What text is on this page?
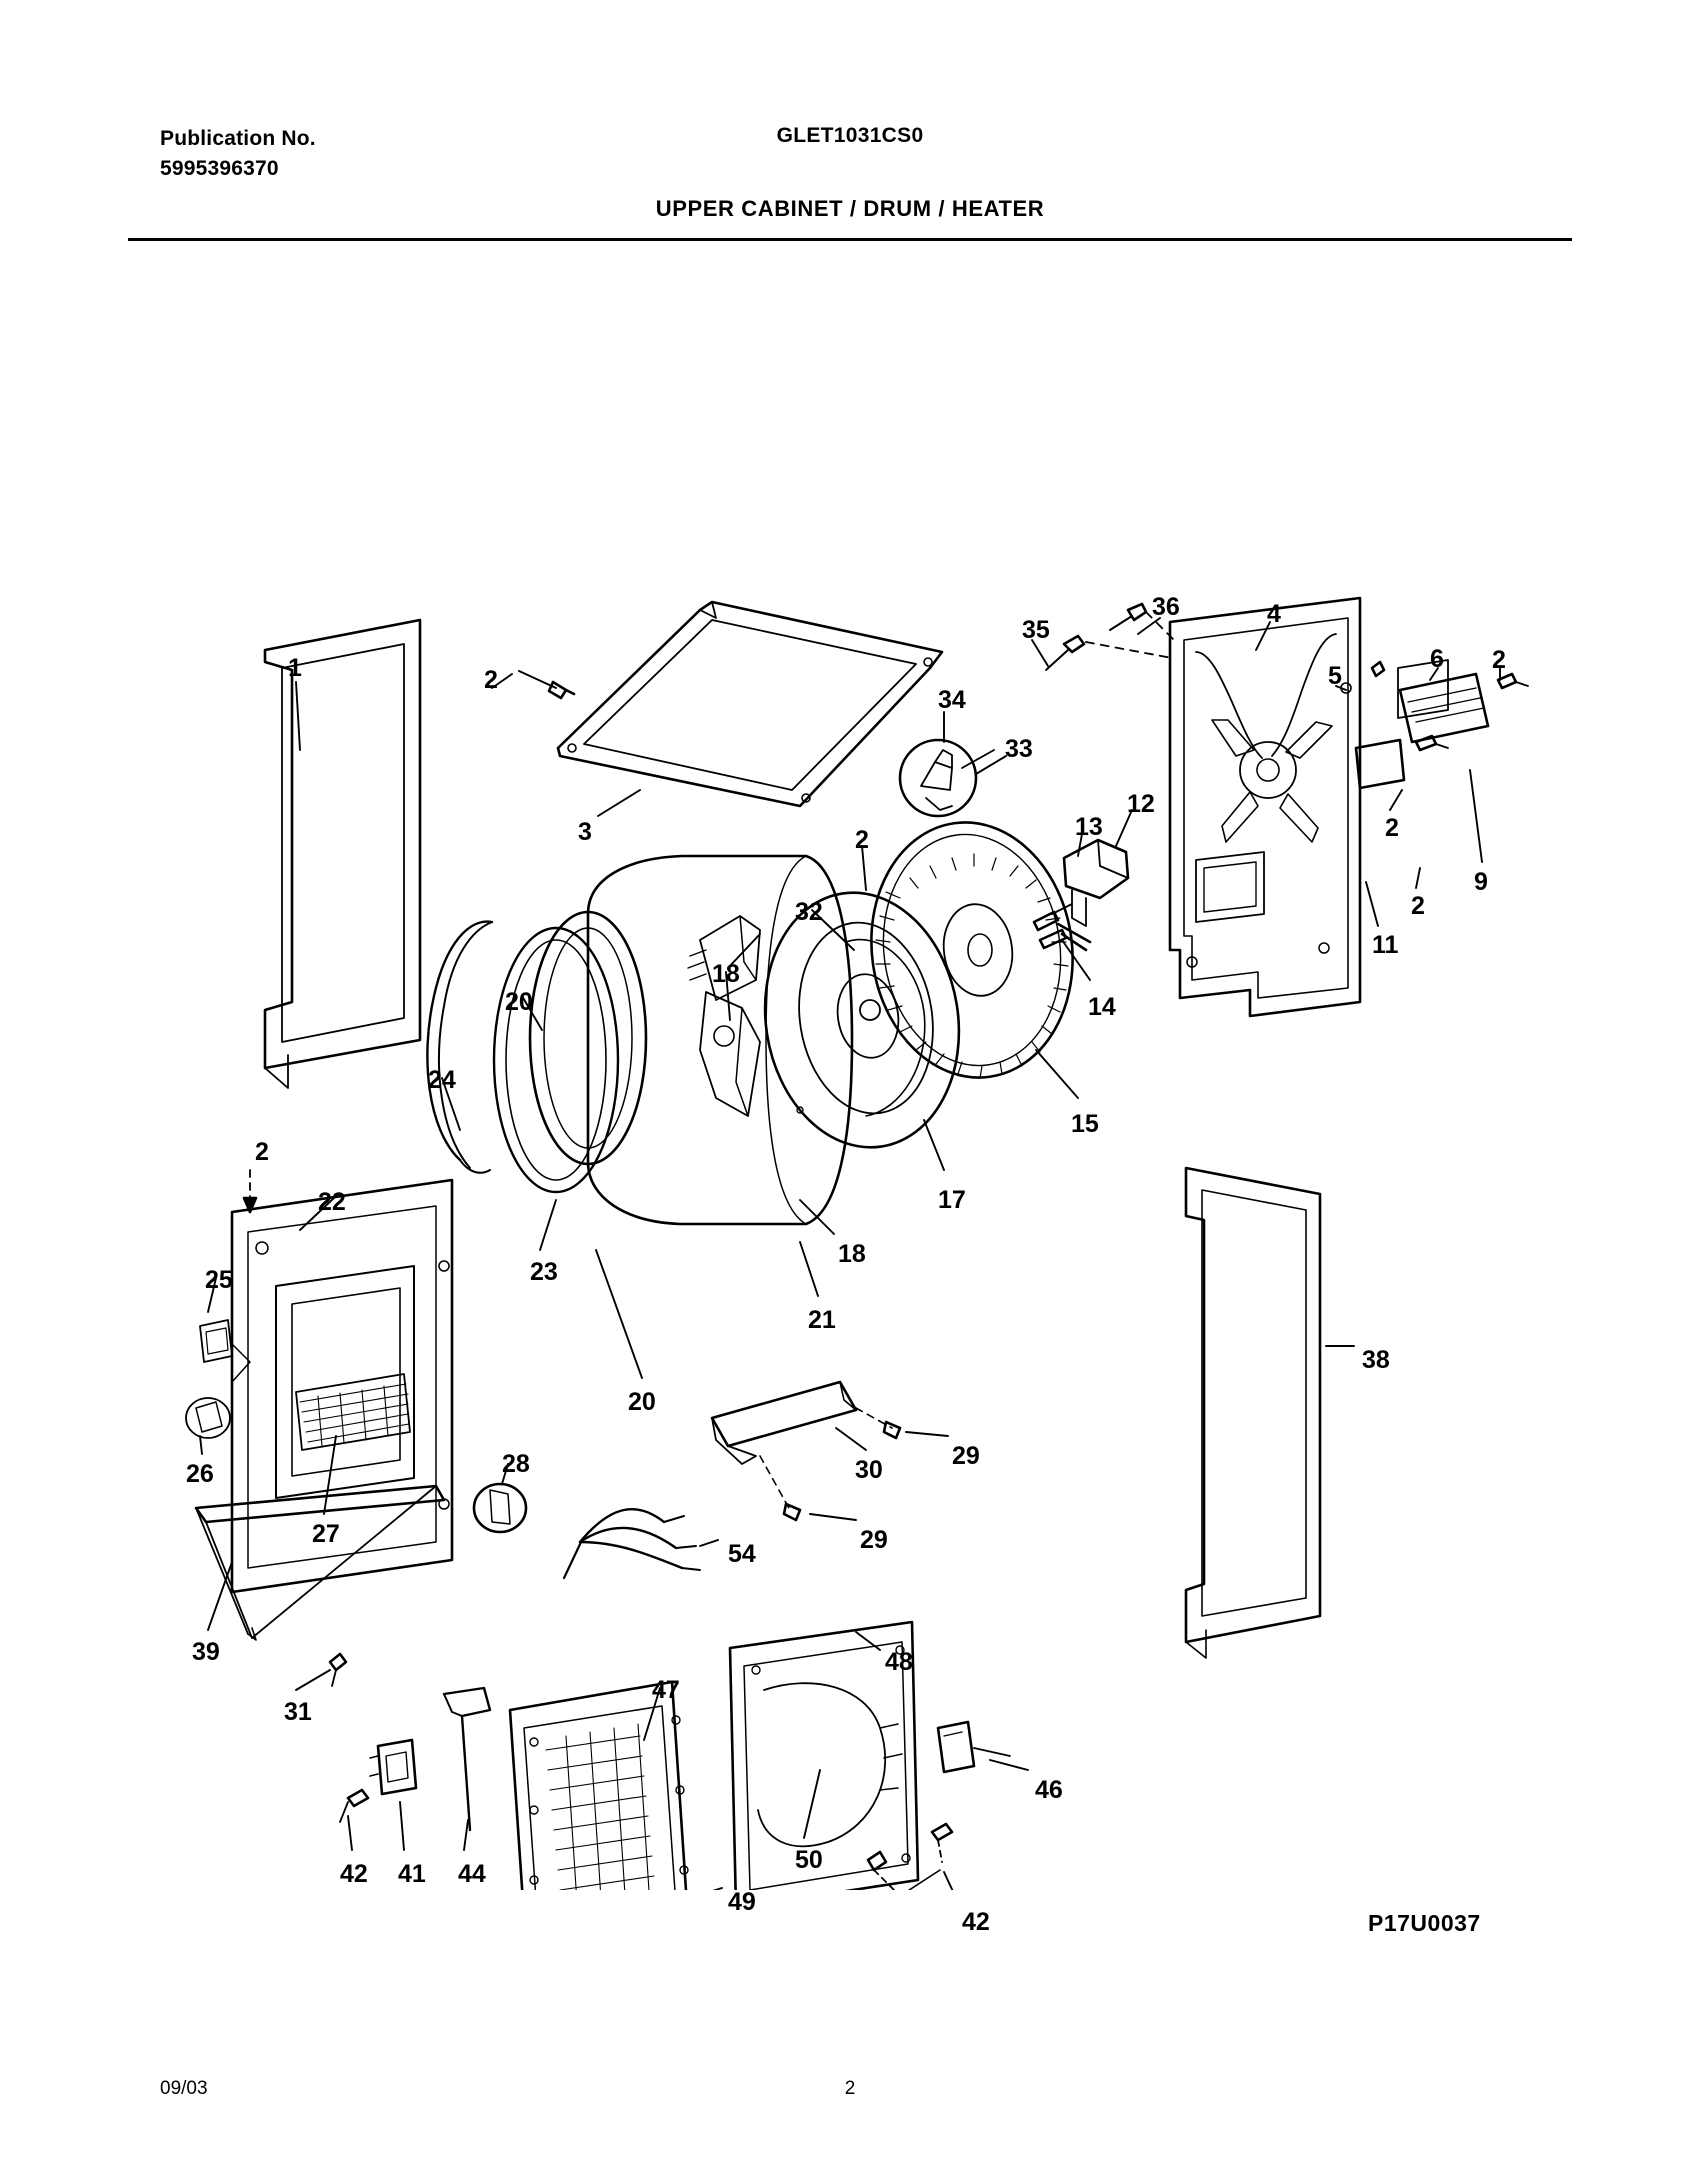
Publication No.
5995396370
GLET1031CS0
UPPER CABINET / DRUM / HEATER
1	2
3
34
33
35
36	4
5
6 2
2
2
9
11
2
32
13
12
14
15
17
18
18
20
20
21
24
23
2
22
25
26
27
28
39
31
30	29
29
54
38
48
47
46
50
49
42 41 44
42	P17U0037
09/03	2
